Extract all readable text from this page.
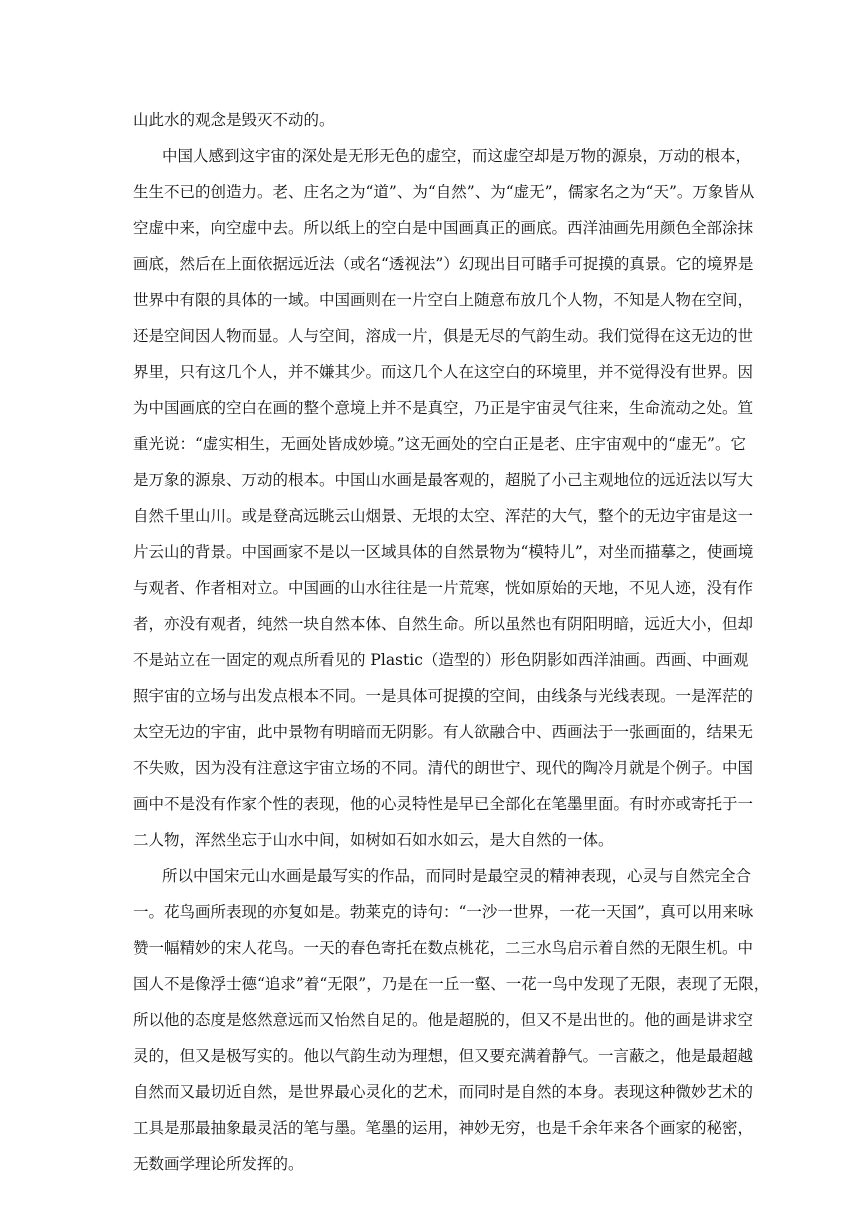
山此水的观念是毁灭不动的。
中国人感到这宇宙的深处是无形无色的虚空，而这虚空却是万物的源泉，万动的根本，
生生不已的创造力。老、庄名之为“道”、为“自然”、为“虚无”，儒家名之为“天”。万象皆从
空虚中来，向空虚中去。所以纸上的空白是中国画真正的画底。西洋油画先用颜色全部涂抹
画底，然后在上面依据远近法（或名“透视法”）幻现出目可睹手可捉摸的真景。它的境界是
世界中有限的具体的一域。中国画则在一片空白上随意布放几个人物，不知是人物在空间，
还是空间因人物而显。人与空间，溶成一片，俱是无尽的气韵生动。我们觉得在这无边的世
界里，只有这几个人，并不嫌其少。而这几个人在这空白的环境里，并不觉得没有世界。因
为中国画底的空白在画的整个意境上并不是真空，乃正是宇宙灵气往来，生命流动之处。笪
重光说：“虚实相生，无画处皆成妙境。”这无画处的空白正是老、庄宇宙观中的“虚无”。它
是万象的源泉、万动的根本。中国山水画是最客观的，超脱了小己主观地位的远近法以写大
自然千里山川。或是登高远眺云山烟景、无垠的太空、浑茫的大气，整个的无边宇宙是这一
片云山的背景。中国画家不是以一区域具体的自然景物为“模特儿”，对坐而描摹之，使画境
与观者、作者相对立。中国画的山水往往是一片荒寒，恍如原始的天地，不见人迹，没有作
者，亦没有观者，纯然一块自然本体、自然生命。所以虽然也有阴阳明暗，远近大小，但却
不是站立在一固定的观点所看见的 Plastic（造型的）形色阴影如西洋油画。西画、中画观
照宇宙的立场与出发点根本不同。一是具体可捉摸的空间，由线条与光线表现。一是浑茫的
太空无边的宇宙，此中景物有明暗而无阴影。有人欲融合中、西画法于一张画面的，结果无
不失败，因为没有注意这宇宙立场的不同。清代的朗世宁、现代的陶冷月就是个例子。中国
画中不是没有作家个性的表现，他的心灵特性是早已全部化在笔墨里面。有时亦或寄托于一
二人物，浑然坐忘于山水中间，如树如石如水如云，是大自然的一体。
所以中国宋元山水画是最写实的作品，而同时是最空灵的精神表现，心灵与自然完全合
一。花鸟画所表现的亦复如是。勃莱克的诗句：“一沙一世界，一花一天国”，真可以用来咏
赞一幅精妙的宋人花鸟。一天的春色寄托在数点桃花，二三水鸟启示着自然的无限生机。中
国人不是像浮士德“追求”着“无限”，乃是在一丘一壑、一花一鸟中发现了无限，表现了无限，
所以他的态度是悠然意远而又怡然自足的。他是超脱的，但又不是出世的。他的画是讲求空
灵的，但又是极写实的。他以气韵生动为理想，但又要充满着静气。一言蔽之，他是最超越
自然而又最切近自然，是世界最心灵化的艺术，而同时是自然的本身。表现这种微妙艺术的
工具是那最抽象最灵活的笔与墨。笔墨的运用，神妙无穷，也是千余年来各个画家的秘密，
无数画学理论所发挥的。
